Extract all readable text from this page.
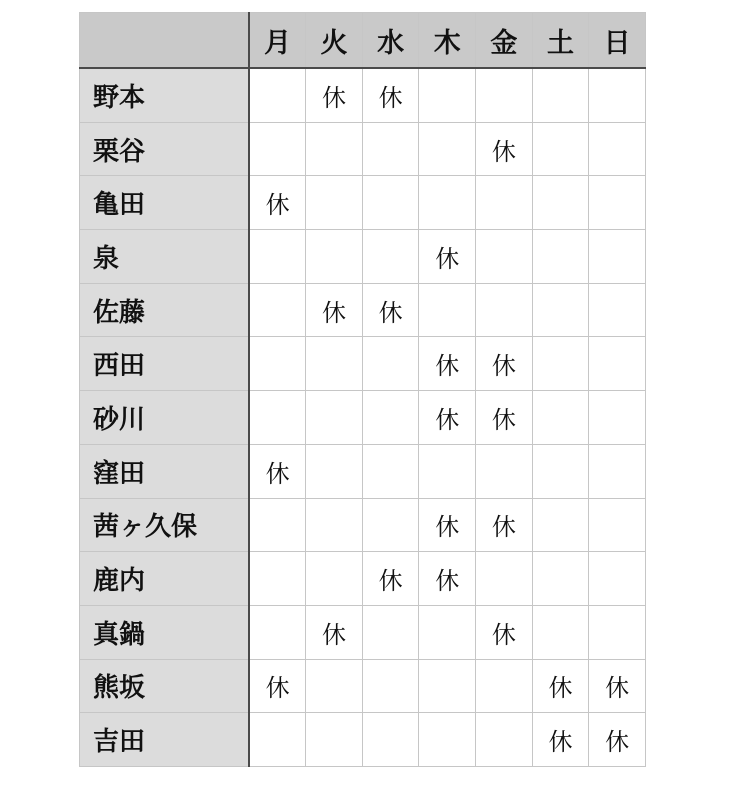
	月	火	水	木	金	土	日
野本		休	休				
栗谷					休		
亀田	休						
泉				休			
佐藤		休	休				
西田				休	休		
砂川				休	休		
窪田	休						
茜ヶ久保				休	休		
鹿内			休	休			
真鍋		休			休		
熊坂	休					休	休
吉田						休	休
